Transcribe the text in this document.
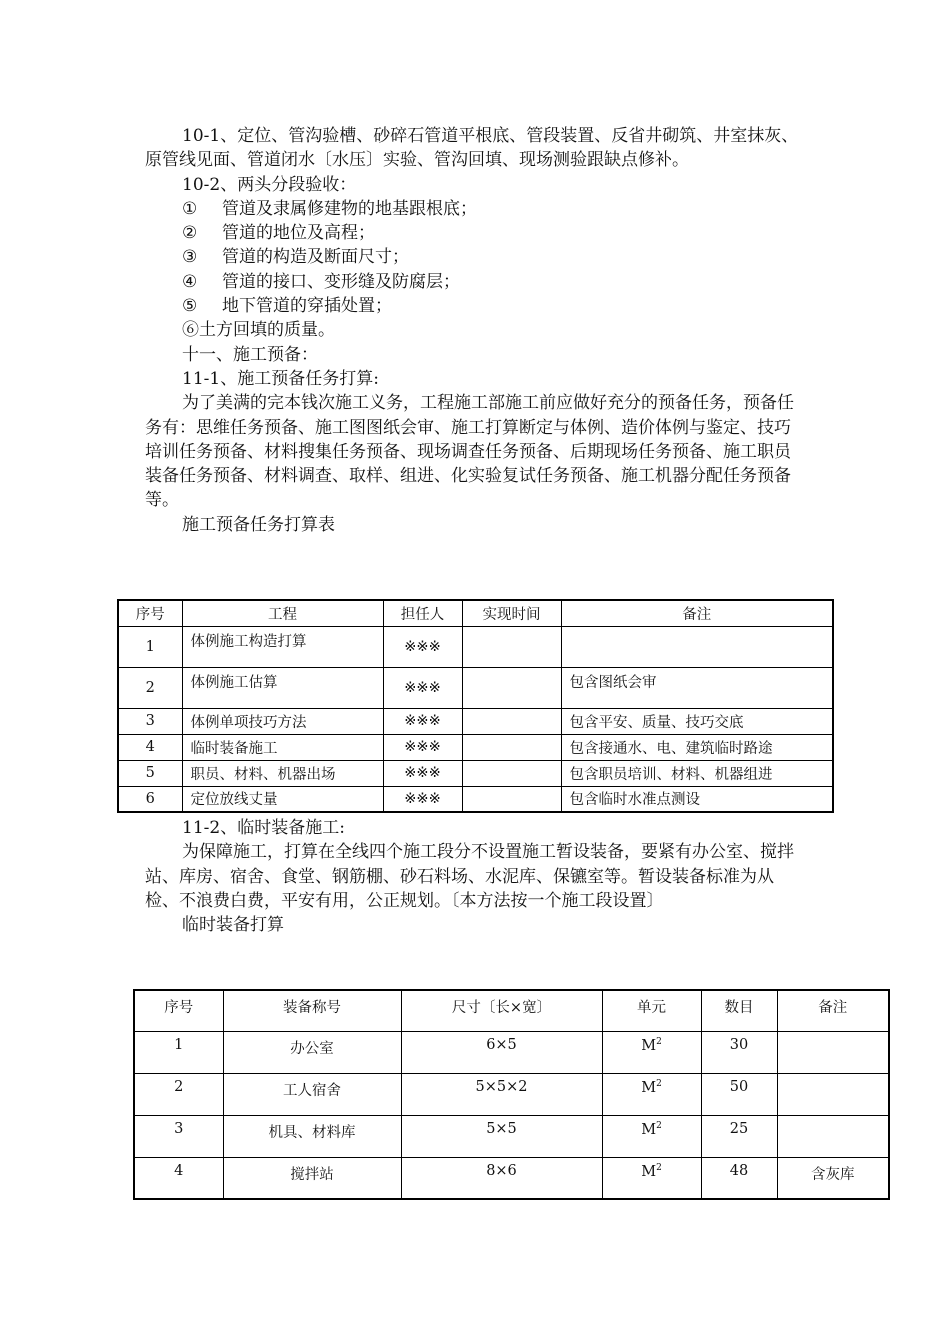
10-1、定位、管沟验槽、砂碎石管道平根底、管段装置、反省井砌筑、井室抹灰、原管线见面、管道闭水〔水压〕实验、管沟回填、现场测验跟缺点修补。

10-2、两头分段验收：

① 管道及隶属修建物的地基跟根底；

② 管道的地位及高程；

③ 管道的构造及断面尺寸；

④ 管道的接口、变形缝及防腐层；

⑤ 地下管道的穿插处置；

⑥土方回填的质量。

十一、施工预备：

11-1、施工预备任务打算:

为了美满的完本钱次施工义务，工程施工部施工前应做好充分的预备任务，预备任务有：思维任务预备、施工图图纸会审、施工打算断定与体例、造价体例与鉴定、技巧培训任务预备、材料搜集任务预备、现场调查任务预备、后期现场任务预备、施工职员装备任务预备、材料调查、取样、组进、化实验复试任务预备、施工机器分配任务预备等。

施工预备任务打算表

序号	工程	担任人	实现时间	备注
1	体例施工构造打算	※※※		
2	体例施工估算	※※※		包含图纸会审
3	体例单项技巧方法	※※※		包含平安、质量、技巧交底
4	临时装备施工	※※※		包含接通水、电、建筑临时路途
5	职员、材料、机器出场	※※※		包含职员培训、材料、机器组进
6	定位放线丈量	※※※		包含临时水准点测设

11-2、临时装备施工:

为保障施工，打算在全线四个施工段分不设置施工暂设装备，要紧有办公室、搅拌站、库房、宿舍、食堂、钢筋棚、砂石料场、水泥库、保镳室等。暂设装备标准为从检、不浪费白费，平安有用，公正规划。〔本方法按一个施工段设置〕

临时装备打算

序号	装备称号	尺寸〔长×宽〕	单元	数目	备注
1	办公室	6×5	$M^2$	30	
2	工人宿舍	5×5×2	$M^2$	50	
3	机具、材料库	5×5	$M^2$	25	
4	搅拌站	8×6	$M^2$	48	含灰库
